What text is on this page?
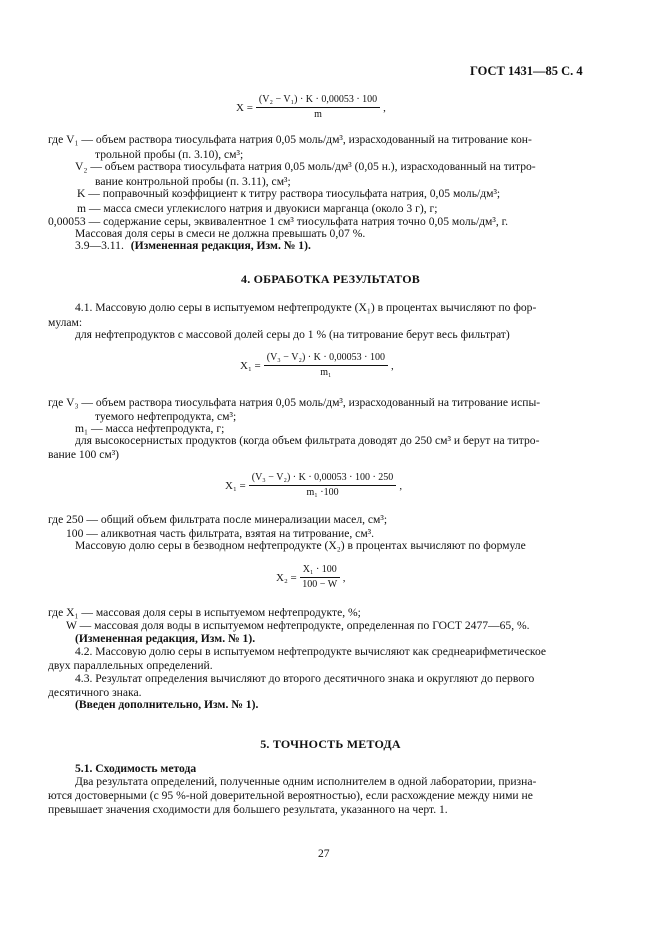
ГОСТ 1431—85 С. 4
$X = \frac{\text{(V₂ − V₁) · K · 0,00053 · 100}}{m}$ ,
где V₁ — объем раствора тиосульфата натрия 0,05 моль/дм³, израсходованный на титрование кон-
трольной пробы (п. 3.10), см³;
V₂ — объем раствора тиосульфата натрия 0,05 моль/дм³ (0,05 н.), израсходованный на титро-
вание контрольной пробы (п. 3.11), см³;
K — поправочный коэффициент к титру раствора тиосульфата натрия, 0,05 моль/дм³;
m — масса смеси углекислого натрия и двуокиси марганца (около 3 г), г;
0,00053 — содержание серы, эквивалентное 1 см³ тиосульфата натрия точно 0,05 моль/дм³, г.
Массовая доля серы в смеси не должна превышать 0,07 %.
3.9—3.11. (Измененная редакция, Изм. № 1).
4. ОБРАБОТКА РЕЗУЛЬТАТОВ
4.1. Массовую долю серы в испытуемом нефтепродукте (X₁) в процентах вычисляют по фор-
мулам:
для нефтепродуктов с массовой долей серы до 1 % (на титрование берут весь фильтрат)
$X_1 = \frac{\text{(V₃ − V₂) · K · 0,00053 · 100}}{\text{m₁}}$ ,
где V₃ — объем раствора тиосульфата натрия 0,05 моль/дм³, израсходованный на титрование испы-
туемого нефтепродукта, см³;
m₁ — масса нефтепродукта, г;
для высокосернистых продуктов (когда объем фильтрата доводят до 250 см³ и берут на титро-
вание 100 см³)
$X_1 = \frac{\text{(V₃ − V₂) · K · 0,00053 · 100 · 250}}{\text{m₁ ·100}}$ ,
где 250 — общий объем фильтрата после минерализации масел, см³;
100 — аликвотная часть фильтрата, взятая на титрование, см³.
Массовую долю серы в безводном нефтепродукте (X₂) в процентах вычисляют по формуле
$X_2 = \frac{\text{X₁ · 100}}{100 - W}$ ,
где X₁ — массовая доля серы в испытуемом нефтепродукте, %;
W — массовая доля воды в испытуемом нефтепродукте, определенная по ГОСТ 2477—65, %.
(Измененная редакция, Изм. № 1).
4.2. Массовую долю серы в испытуемом нефтепродукте вычисляют как среднеарифметическое
двух параллельных определений.
4.3. Результат определения вычисляют до второго десятичного знака и округляют до первого
десятичного знака.
(Введен дополнительно, Изм. № 1).
5. ТОЧНОСТЬ МЕТОДА
5.1. Сходимость метода
Два результата определений, полученные одним исполнителем в одной лаборатории, призна-
ются достоверными (с 95 %-ной доверительной вероятностью), если расхождение между ними не
превышает значения сходимости для большего результата, указанного на черт. 1.
27
